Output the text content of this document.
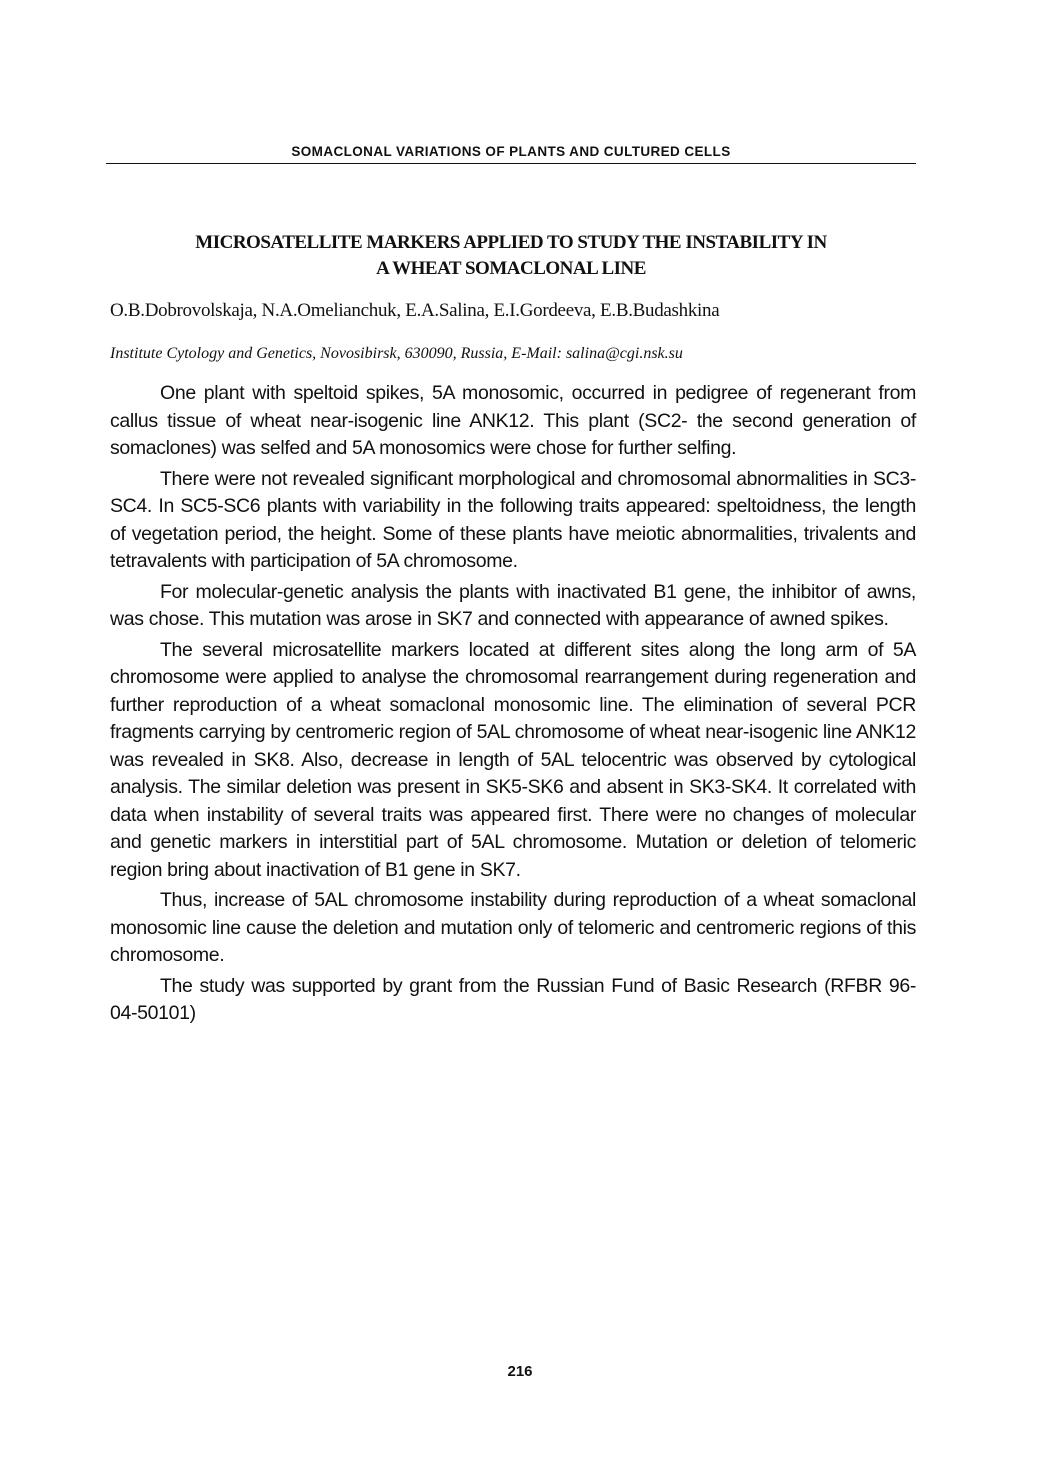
SOMACLONAL VARIATIONS OF PLANTS AND CULTURED CELLS
MICROSATELLITE MARKERS APPLIED TO STUDY THE INSTABILITY IN
A WHEAT SOMACLONAL LINE
O.B.Dobrovolskaja, N.A.Omelianchuk, E.A.Salina, E.I.Gordeeva, E.B.Budashkina
Institute Cytology and Genetics, Novosibirsk, 630090, Russia, E-Mail: salina@cgi.nsk.su

One plant with speltoid spikes, 5A monosomic, occurred in pedigree of regenerant from callus tissue of wheat near-isogenic line ANK12. This plant (SC2- the second generation of somaclones) was selfed and 5A monosomics were chose for further selfing.

There were not revealed significant morphological and chromosomal abnormalities in SC3-SC4. In SC5-SC6 plants with variability in the following traits appeared: speltoidness, the length of vegetation period, the height. Some of these plants have meiotic abnormalities, trivalents and tetravalents with participation of 5A chromosome.

For molecular-genetic analysis the plants with inactivated B1 gene, the inhibitor of awns, was chose. This mutation was arose in SK7 and connected with appearance of awned spikes.

The several microsatellite markers located at different sites along the long arm of 5A chromosome were applied to analyse the chromosomal rearrangement during regeneration and further reproduction of a wheat somaclonal monosomic line. The elimination of several PCR fragments carrying by centromeric region of 5AL chromosome of wheat near-isogenic line ANK12 was revealed in SK8. Also, decrease in length of 5AL telocentric was observed by cytological analysis. The similar deletion was present in SK5-SK6 and absent in SK3-SK4. It correlated with data when instability of several traits was appeared first. There were no changes of molecular and genetic markers in interstitial part of 5AL chromosome. Mutation or deletion of telomeric region bring about inactivation of B1 gene in SK7.

Thus, increase of 5AL chromosome instability during reproduction of a wheat somaclonal monosomic line cause the deletion and mutation only of telomeric and centromeric regions of this chromosome.

The study was supported by grant from the Russian Fund of Basic Research (RFBR 96-04-50101)

216
